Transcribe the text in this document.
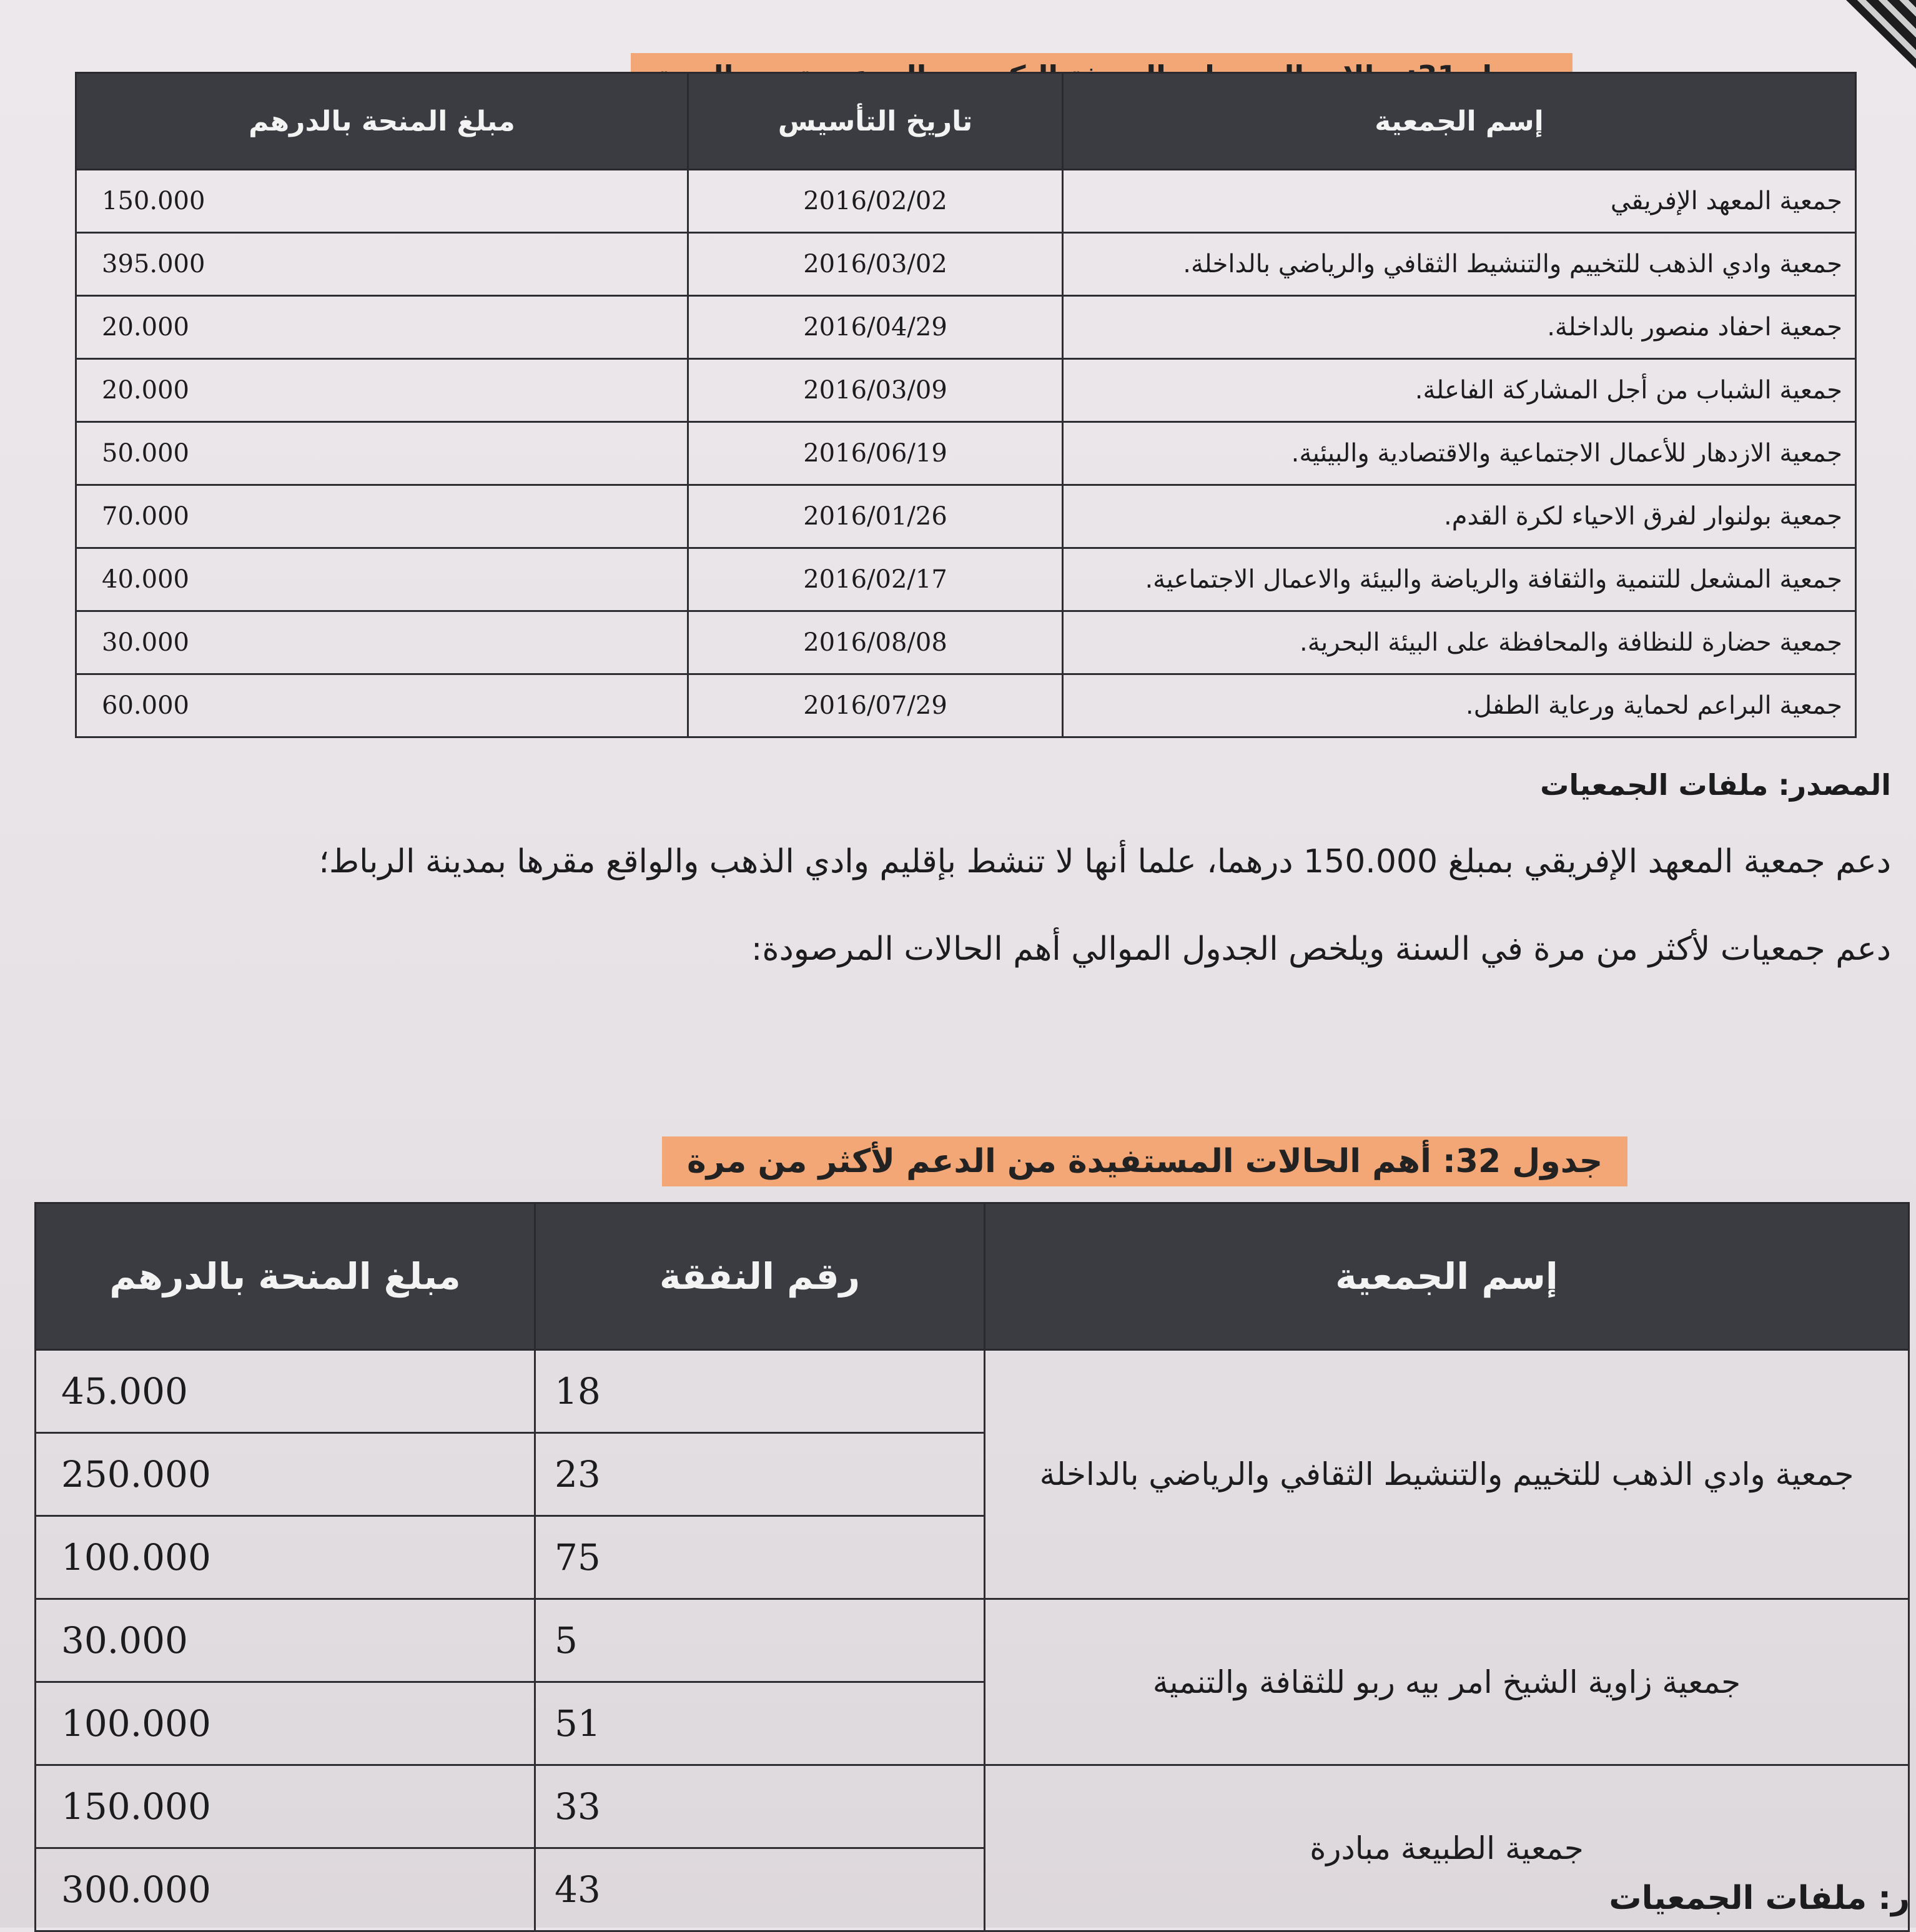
إسم الجمعية	تاريخ التأسيس	مبلغ المنحة بالدرهم
جمعية المعهد الإفريقي	2016/02/02	150.000
جمعية وادي الذهب للتخييم والتنشيط الثقافي والرياضي بالداخلة.	2016/03/02	395.000
جمعية احفاد منصور بالداخلة.	2016/04/29	20.000
جمعية الشباب من أجل المشاركة الفاعلة.	2016/03/09	20.000
جمعية الازدهار للأعمال الاجتماعية والاقتصادية والبيئية.	2016/06/19	50.000
جمعية بولنوار لفرق الاحياء لكرة القدم.	2016/01/26	70.000
جمعية المشعل للتنمية والثقافة والرياضة والبيئة والاعمال الاجتماعية.	2016/02/17	40.000
جمعية حضارة للنظافة والمحافظة على البيئة البحرية.	2016/08/08	30.000
جمعية البراعم لحماية ورعاية الطفل.	2016/07/29	60.000
المصدر: ملفات الجمعيات
دعم جمعية المعهد الإفريقي بمبلغ 150.000 درهما، علما أنها لا تنشط بإقليم وادي الذهب والواقع مقرها بمدينة الرباط؛
دعم جمعيات لأكثر من مرة في السنة ويلخص الجدول الموالي أهم الحالات المرصودة:
جدول 32: أهم الحالات المستفيدة من الدعم لأكثر من مرة
إسم الجمعية	رقم النفقة	مبلغ المنحة بالدرهم
جمعية وادي الذهب للتخييم والتنشيط الثقافي والرياضي بالداخلة	18	45.000
	23	250.000
	75	100.000
جمعية زاوية الشيخ امر بيه ربو للثقافة والتنمية	5	30.000
	51	100.000
جمعية الطبيعة مبادرة	33	150.000
	43	300.000	ر: ملفات الجمعيات
